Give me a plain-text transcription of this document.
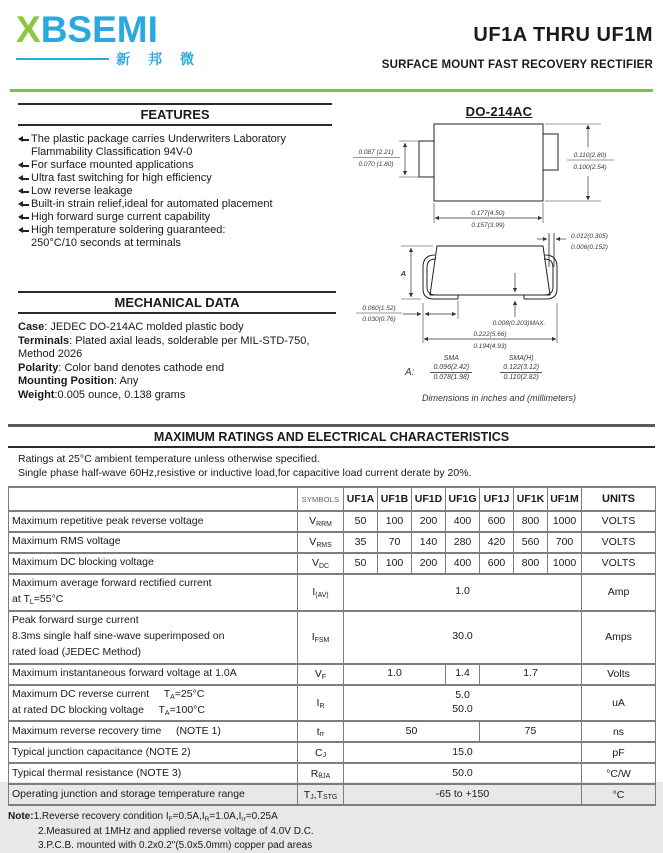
XBSEMI
新 邦 微
UF1A THRU UF1M
SURFACE MOUNT FAST RECOVERY RECTIFIER
FEATURES
The plastic package carries Underwriters Laboratory
Flammability Classification 94V-0
For surface mounted applications
Ultra fast switching for high efficiency
Low reverse leakage
Built-in strain relief,ideal for automated placement
High forward surge current capability
High temperature soldering guaranteed:
250°C/10 seconds at terminals
MECHANICAL DATA
Case: JEDEC DO-214AC molded plastic body
Terminals: Plated axial leads, solderable per MIL-STD-750, Method 2026
Polarity: Color band denotes cathode end
Mounting Position: Any
Weight:0.005 ounce, 0.138 grams
DO-214AC
0.087 (2.21)
0.070 (1.80)
0.110(2.80)
0.100(2.54)
0.177(4.50)
0.157(3.99)
0.012(0.305)
0.006(0.152)
A
0.060(1.52)
0.030(0.76)
0.008(0.203)MAX.
0.222(5.66)
0.194(4.93)
A:
SMA
0.096(2.42)
0.078(1.98)
SMA(H)
0.122(3.12)
0.110(2.82)
Dimensions in inches and (millimeters)
MAXIMUM RATINGS AND ELECTRICAL CHARACTERISTICS
Ratings at 25°C ambient temperature unless otherwise specified.
Single phase half-wave 60Hz,resistive or inductive load,for capacitive load current derate by 20%.
	SYMBOLS	UF1A	UF1B	UF1D	UF1G	UF1J	UF1K	UF1M	UNITS
Maximum repetitive peak reverse voltage	$V_{RRM}$	50	100	200	400	600	800	1000	VOLTS
Maximum RMS voltage	$V_{RMS}$	35	70	140	280	420	560	700	VOLTS
Maximum DC blocking voltage	$V_{DC}$	50	100	200	400	600	800	1000	VOLTS
Maximum average forward rectified current
at $T_L=55^\circ C$	$I_{(AV)}$	1.0							Amp
Peak forward surge current
8.3ms single half sine-wave superimposed on
rated load (JEDEC Method)	$I_{FSM}$	30.0							Amps
Maximum instantaneous forward voltage at 1.0A	$V_F$	1.0			1.4	1.7			Volts
Maximum DC reverse current     $T_A=25^\circ C$
at rated DC blocking voltage     $T_A=100^\circ C$	$I_R$	5.0
50.0							uA
Maximum reverse recovery time     (NOTE 1)	$t_{rr}$	50				75			ns
Typical junction capacitance (NOTE 2)	$C_J$	15.0							pF
Typical thermal resistance (NOTE 3)	$R_{\theta JA}$	50.0							°C/W
Operating junction and storage temperature range	$T_J,T_{STG}$	-65 to +150							°C
Note:1.Reverse recovery condition $I_F=0.5A,I_R=1.0A,I_{rr}=0.25A$
2.Measured at 1MHz and applied reverse voltage of 4.0V D.C.
3.P.C.B. mounted with 0.2x0.2"(5.0x5.0mm) copper pad areas
